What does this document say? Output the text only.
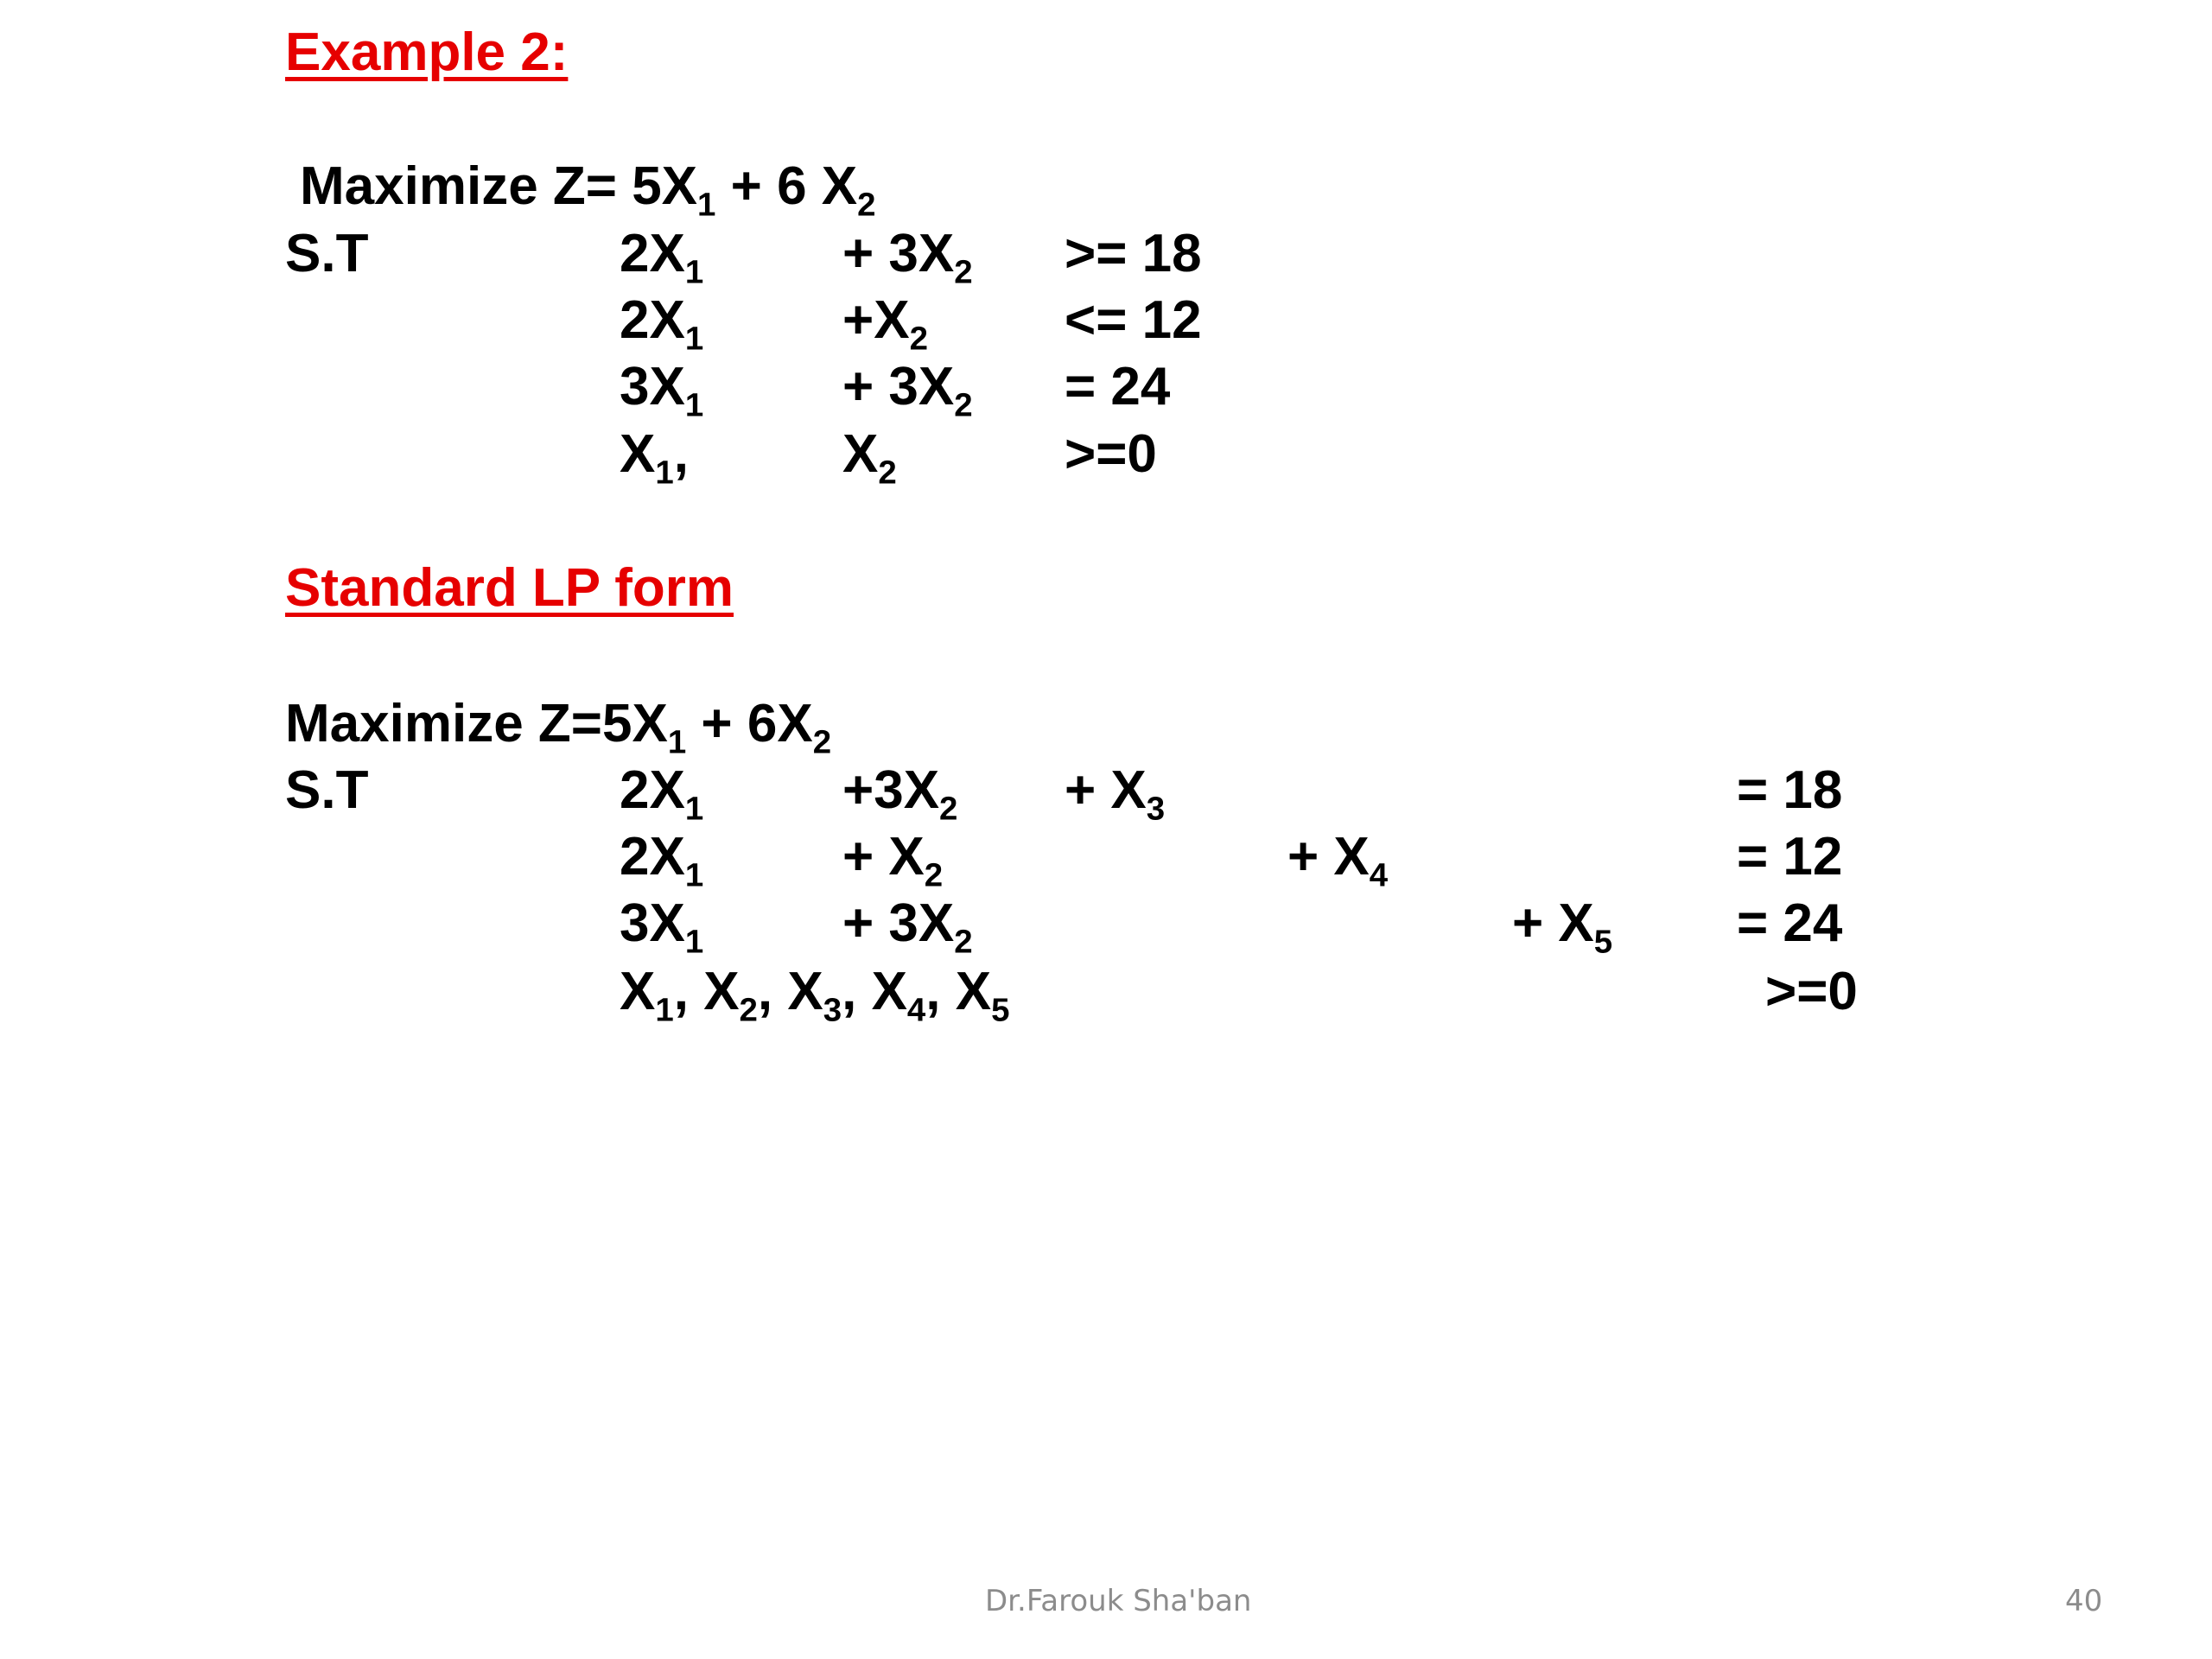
Example 2:
Maximize $Z= 5X_1 + 6$ $X_2$
S.T	$2X_1$	+ $3X_2 >= 18$
$2X_1$	$+X_2$	<= 12
$3X_1$	+ $3X_2 = 24$
$X_1$,	$X_2$	>=0
Standard LP form
Maximize $Z=5X_1 + 6X_2$
S.T	$2X_1$	$+3X_2 + X_3$	= 18
$2X_1$	+ $X_2$	+ $X_4$	= 12
$3X_1$	+ $3X_2$	+ $X_5 = 24$
$X_1$, $X_2$, $X_3$, $X_4$, $X_5$	>=0
Dr.Farouk Sha'ban	40
